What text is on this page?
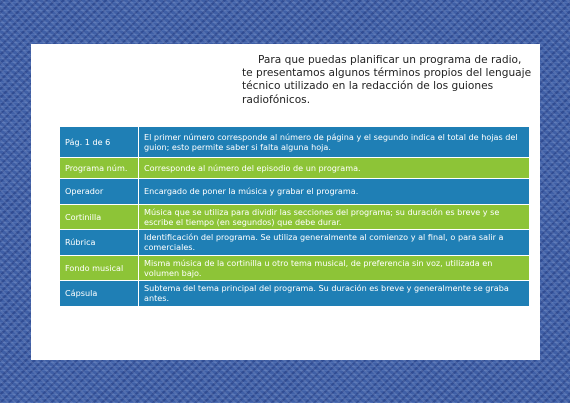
Para que puedas planificar un programa de radio, te presentamos algunos términos propios del lenguaje técnico utilizado en la redacción de los guiones radiofónicos.

Pág. 1 de 6	El primer número corresponde al número de página y el segundo indica el total de hojas del guion; esto permite saber si falta alguna hoja.
Programa núm.	Corresponde al número del episodio de un programa.
Operador	Encargado de poner la música y grabar el programa.
Cortinilla	Música que se utiliza para dividir las secciones del programa; su duración es breve y se escribe el tiempo (en segundos) que debe durar.
Rúbrica	Identificación del programa. Se utiliza generalmente al comienzo y al final, o para salir a comerciales.
Fondo musical	Misma música de la cortinilla u otro tema musical, de preferencia sin voz, utilizada en volumen bajo.
Cápsula	Subtema del tema principal del programa. Su duración es breve y generalmente se graba antes.
